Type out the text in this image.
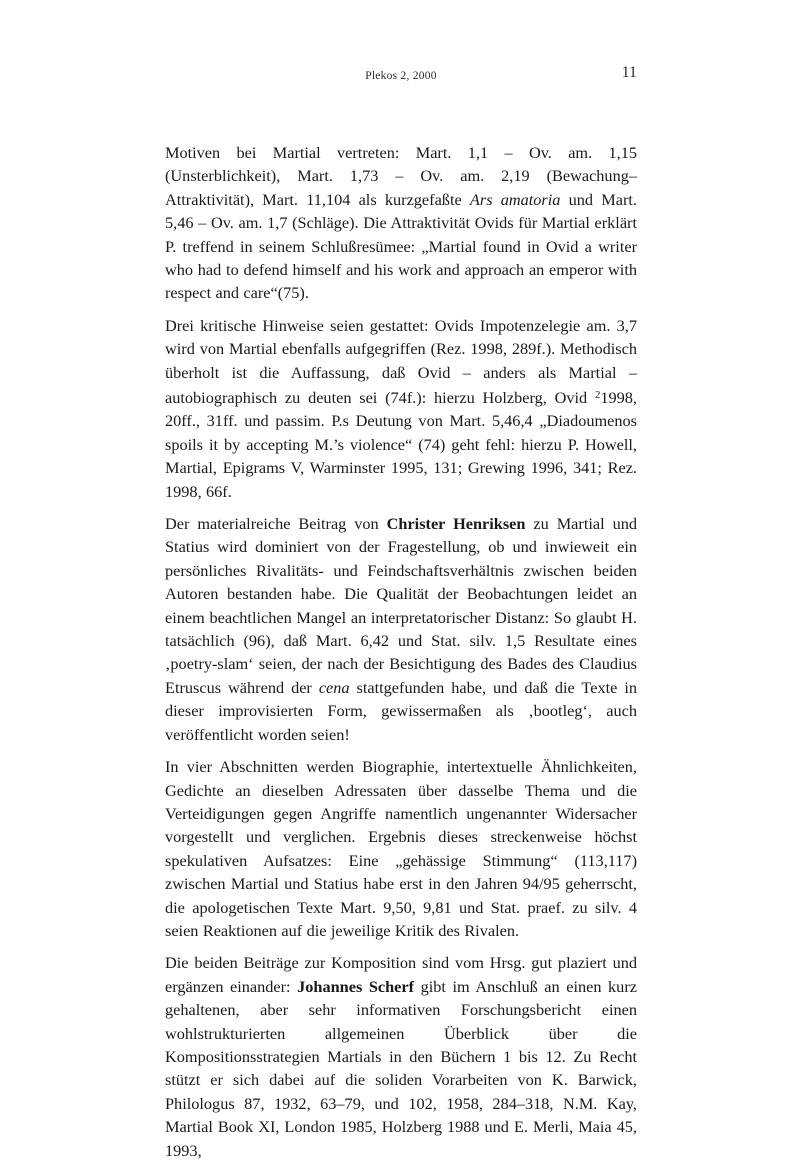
Plekos 2, 2000	11

Motiven bei Martial vertreten: Mart. 1,1 – Ov. am. 1,15 (Unsterblichkeit), Mart. 1,73 – Ov. am. 2,19 (Bewachung–Attraktivität), Mart. 11,104 als kurzgefaßte Ars amatoria und Mart. 5,46 – Ov. am. 1,7 (Schläge). Die Attraktivität Ovids für Martial erklärt P. treffend in seinem Schlußresümee: „Martial found in Ovid a writer who had to defend himself and his work and approach an emperor with respect and care“(75).

Drei kritische Hinweise seien gestattet: Ovids Impotenzelegie am. 3,7 wird von Martial ebenfalls aufgegriffen (Rez. 1998, 289f.). Methodisch überholt ist die Auffassung, daß Ovid – anders als Martial – autobiographisch zu deuten sei (74f.): hierzu Holzberg, Ovid $^2$1998, 20ff., 31ff. und passim. P.s Deutung von Mart. 5,46,4 „Diadoumenos spoils it by accepting M.’s violence“ (74) geht fehl: hierzu P. Howell, Martial, Epigrams V, Warminster 1995, 131; Grewing 1996, 341; Rez. 1998, 66f.

Der materialreiche Beitrag von Christer Henriksen zu Martial und Statius wird dominiert von der Fragestellung, ob und inwieweit ein persönliches Rivalitäts- und Feindschaftsverhältnis zwischen beiden Autoren bestanden habe. Die Qualität der Beobachtungen leidet an einem beachtlichen Mangel an interpretatorischer Distanz: So glaubt H. tatsächlich (96), daß Mart. 6,42 und Stat. silv. 1,5 Resultate eines ‚poetry-slam‘ seien, der nach der Besichtigung des Bades des Claudius Etruscus während der cena stattgefunden habe, und daß die Texte in dieser improvisierten Form, gewissermaßen als ‚bootleg‘, auch veröffentlicht worden seien!

In vier Abschnitten werden Biographie, intertextuelle Ähnlichkeiten, Gedichte an dieselben Adressaten über dasselbe Thema und die Verteidigungen gegen Angriffe namentlich ungenannter Widersacher vorgestellt und verglichen. Ergebnis dieses streckenweise höchst spekulativen Aufsatzes: Eine „gehässige Stimmung“ (113,117) zwischen Martial und Statius habe erst in den Jahren 94/95 geherrscht, die apologetischen Texte Mart. 9,50, 9,81 und Stat. praef. zu silv. 4 seien Reaktionen auf die jeweilige Kritik des Rivalen.

Die beiden Beiträge zur Komposition sind vom Hrsg. gut plaziert und ergänzen einander: Johannes Scherf gibt im Anschluß an einen kurz gehaltenen, aber sehr informativen Forschungsbericht einen wohlstrukturierten allgemeinen Überblick über die Kompositionsstrategien Martials in den Büchern 1 bis 12. Zu Recht stützt er sich dabei auf die soliden Vorarbeiten von K. Barwick, Philologus 87, 1932, 63–79, und 102, 1958, 284–318, N.M. Kay, Martial Book XI, London 1985, Holzberg 1988 und E. Merli, Maia 45, 1993,
